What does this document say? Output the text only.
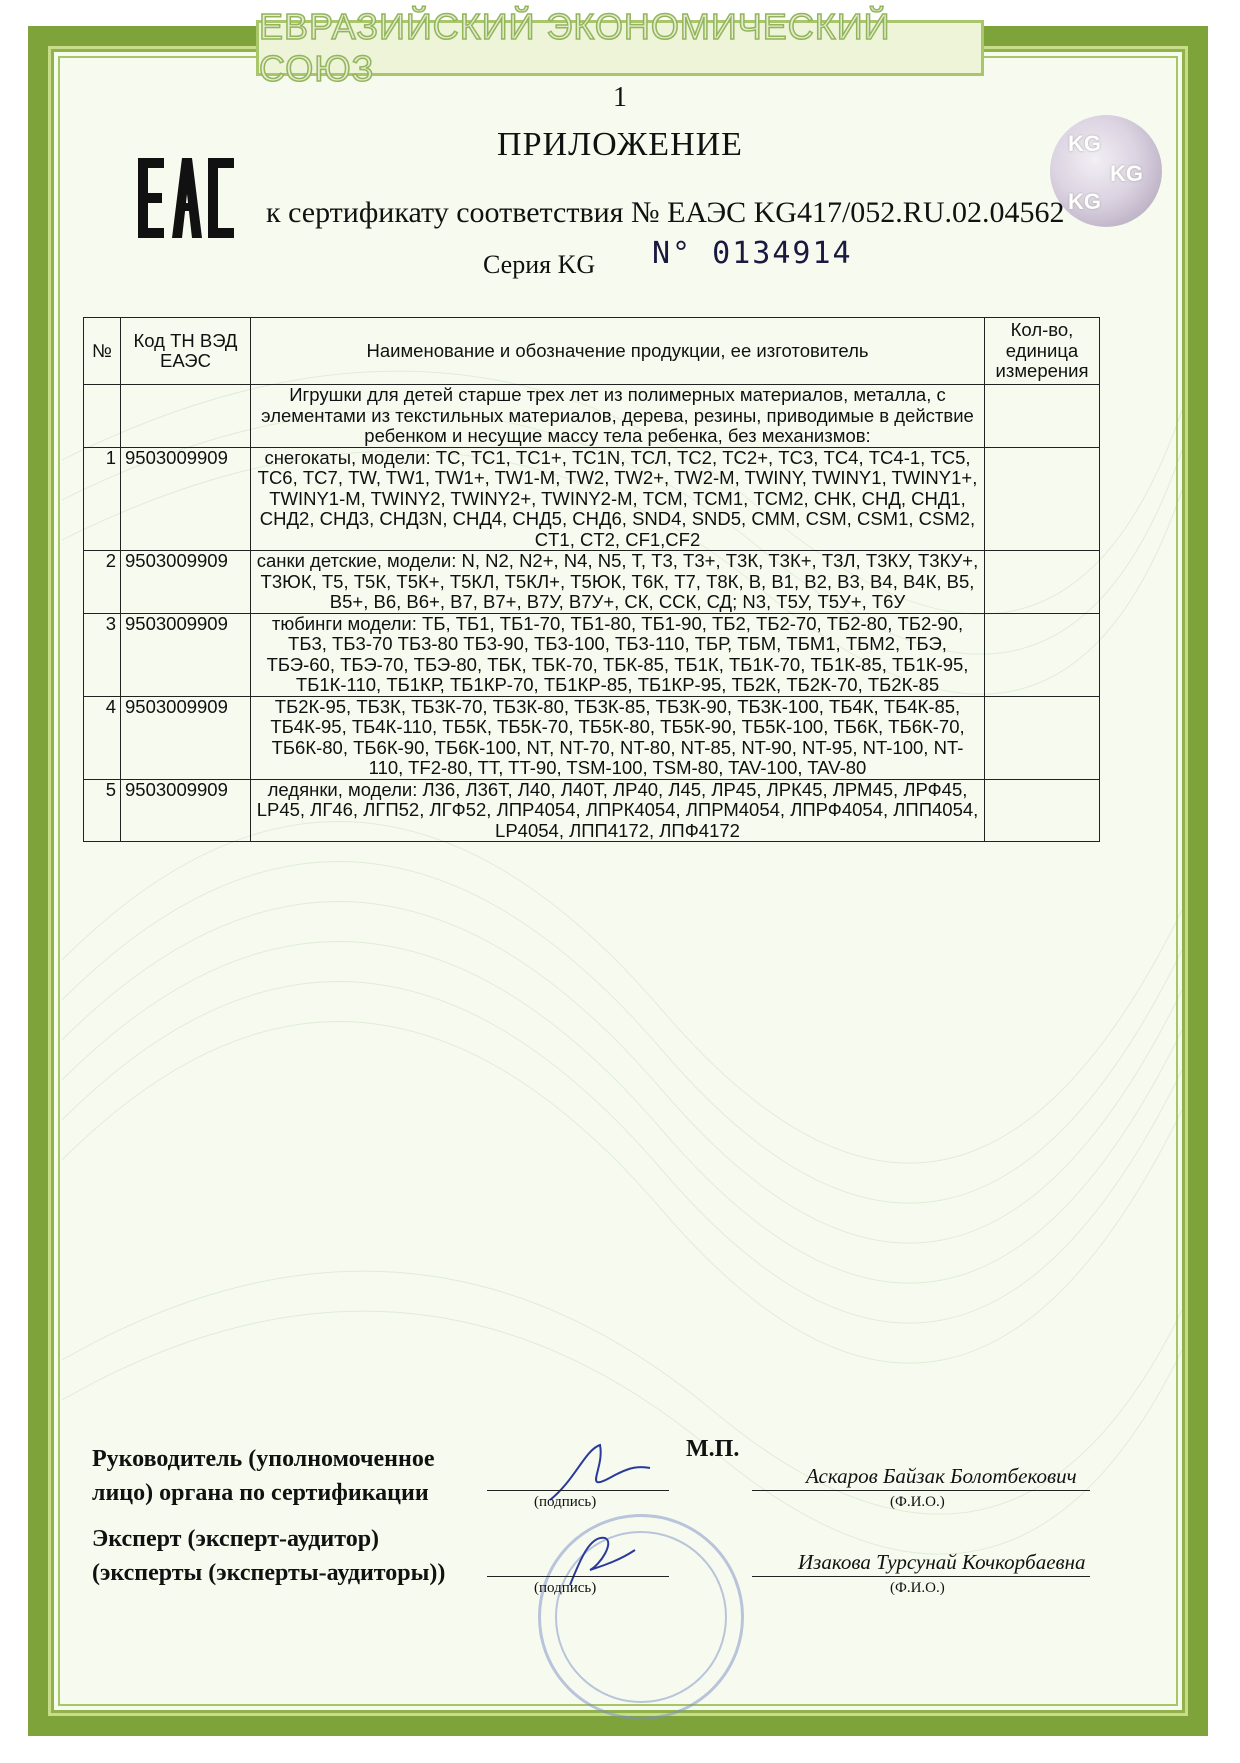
ЕВРАЗИЙСКИЙ ЭКОНОМИЧЕСКИЙ СОЮЗ
1
ПРИЛОЖЕНИЕ
к сертификату соответствия № ЕАЭС KG417/052.RU.02.04562
Серия KG N° 0134914
KG
KG
KG
№	Код ТН ВЭД ЕАЭС	Наименование и обозначение продукции, ее изготовитель	Кол-во, единица измерения
		Игрушки для детей старше трех лет из полимерных материалов, металла, с элементами из текстильных материалов, дерева, резины, приводимые в действие ребенком и несущие массу тела ребенка, без механизмов:	
1	9503009909	снегокаты, модели: ТС, ТС1, ТС1+, TC1N, ТСЛ, ТС2, ТС2+, ТС3, ТС4, ТС4-1, ТС5, ТС6, ТС7, TW, TW1, TW1+, TW1-M, TW2, TW2+, TW2-M, TWINY, TWINY1, TWINY1+, TWINY1-M, TWINY2, TWINY2+, TWINY2-M, ТСМ, ТСМ1, ТСМ2, СНК, СНД, СНД1, СНД2, СНД3, СНД3N, СНД4, СНД5, СНД6, SND4, SND5, СММ, CSM, CSM1, CSM2, CT1, CT2, CF1,CF2	
2	9503009909	санки детские, модели: N, N2, N2+, N4, N5, Т, Т3, Т3+, Т3К, Т3К+, Т3Л, Т3КУ, Т3КУ+, Т3ЮК, Т5, Т5К, Т5К+, Т5КЛ, Т5КЛ+, Т5ЮК, Т6К, Т7, Т8К, В, В1, В2, В3, В4, В4К, В5, В5+, В6, В6+, В7, В7+, В7У, В7У+, СК, ССК, СД; N3, Т5У, Т5У+, Т6У	
3	9503009909	тюбинги модели: ТБ, ТБ1, ТБ1-70, ТБ1-80, ТБ1-90, ТБ2, ТБ2-70, ТБ2-80, ТБ2-90, ТБ3, ТБ3-70 ТБ3-80 ТБ3-90, ТБ3-100, ТБ3-110, ТБР, ТБМ, ТБМ1, ТБМ2, ТБЭ, ТБЭ-60, ТБЭ-70, ТБЭ-80, ТБК, ТБК-70, ТБК-85, ТБ1К, ТБ1К-70, ТБ1К-85, ТБ1К-95, ТБ1К-110, ТБ1КР, ТБ1КР-70, ТБ1КР-85, ТБ1КР-95, ТБ2К, ТБ2К-70, ТБ2К-85	
4	9503009909	ТБ2К-95, ТБ3К, ТБ3К-70, ТБ3К-80, ТБ3К-85, ТБ3К-90, ТБ3К-100, ТБ4К, ТБ4К-85, ТБ4К-95, ТБ4К-110, ТБ5К, ТБ5К-70, ТБ5К-80, ТБ5К-90, ТБ5К-100, ТБ6К, ТБ6К-70, ТБ6К-80, ТБ6К-90, ТБ6К-100, NT, NT-70, NT-80, NT-85, NT-90, NT-95, NT-100, NT-110, TF2-80, TT, TT-90, TSM-100, TSM-80, TAV-100, TAV-80	
5	9503009909	ледянки, модели: Л36, Л36Т, Л40, Л40Т, ЛР40, Л45, ЛР45, ЛРК45, ЛРМ45, ЛРФ45, LP45, ЛГ46, ЛГП52, ЛГФ52, ЛПР4054, ЛПРК4054, ЛПРМ4054, ЛПРФ4054, ЛПП4054, LP4054, ЛПП4172, ЛПФ4172	
Руководитель (уполномоченное
лицо) органа по сертификации
М.П.
(подпись)
Аскаров Байзак Болотбекович
(Ф.И.О.)
Эксперт (эксперт-аудитор)
(эксперты (эксперты-аудиторы))
(подпись)
Изакова Турсунай Кочкорбаевна
(Ф.И.О.)
